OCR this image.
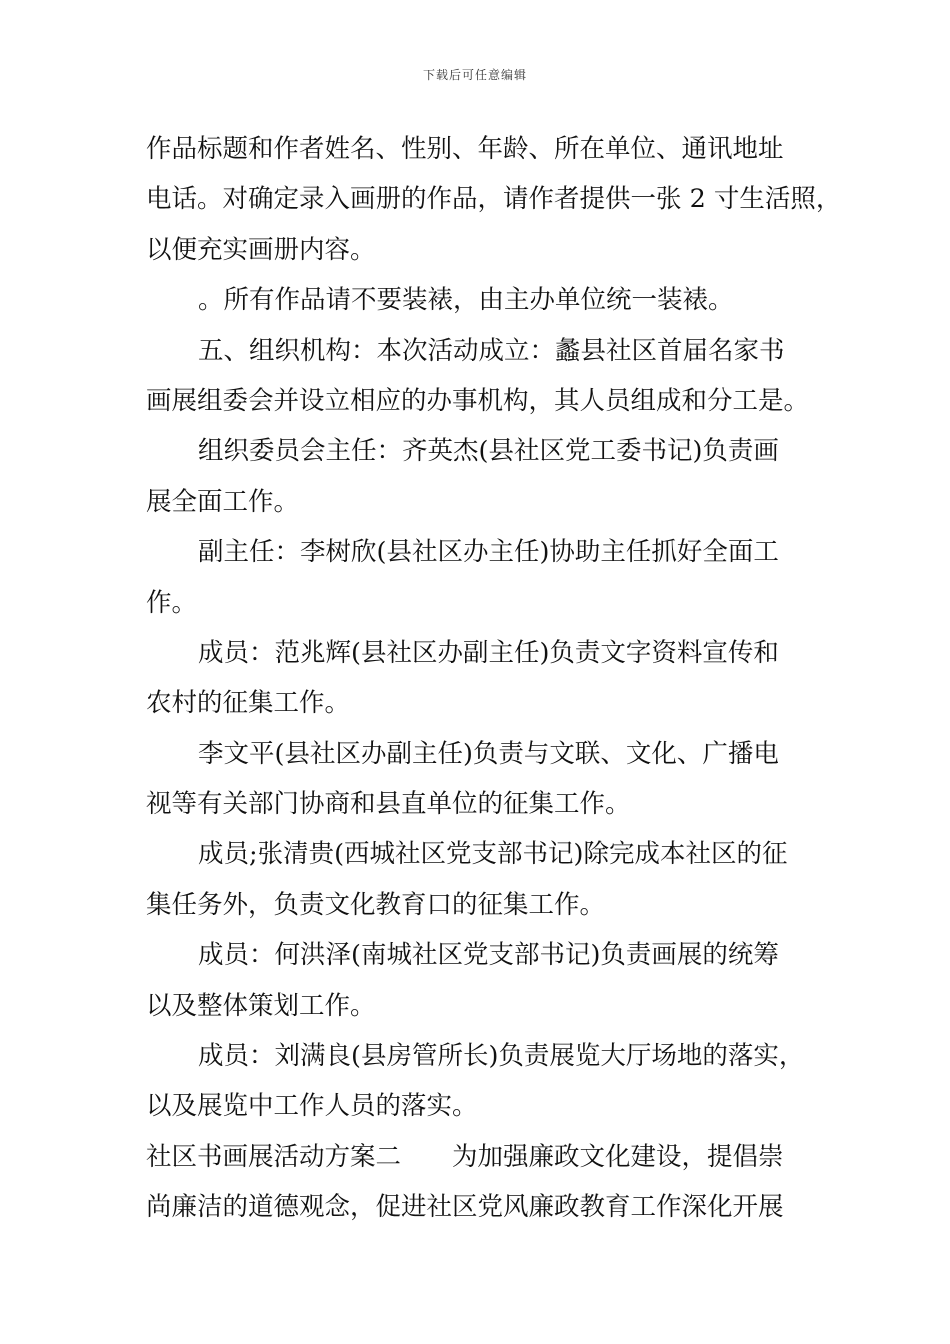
下载后可任意编辑
作品标题和作者姓名、性别、年龄、所在单位、通讯地址
电话。对确定录入画册的作品，请作者提供一张 2 寸生活照，
以便充实画册内容。
。所有作品请不要装裱，由主办单位统一装裱。
五、组织机构：本次活动成立：蠡县社区首届名家书
画展组委会并设立相应的办事机构，其人员组成和分工是。
组织委员会主任：齐英杰(县社区党工委书记)负责画
展全面工作。
副主任：李树欣(县社区办主任)协助主任抓好全面工
作。
成员：范兆辉(县社区办副主任)负责文字资料宣传和
农村的征集工作。
李文平(县社区办副主任)负责与文联、文化、广播电
视等有关部门协商和县直单位的征集工作。
成员;张清贵(西城社区党支部书记)除完成本社区的征
集任务外，负责文化教育口的征集工作。
成员：何洪泽(南城社区党支部书记)负责画展的统筹
以及整体策划工作。
成员：刘满良(县房管所长)负责展览大厅场地的落实，
以及展览中工作人员的落实。
社区书画展活动方案二　　为加强廉政文化建设，提倡崇
尚廉洁的道德观念，促进社区党风廉政教育工作深化开展
